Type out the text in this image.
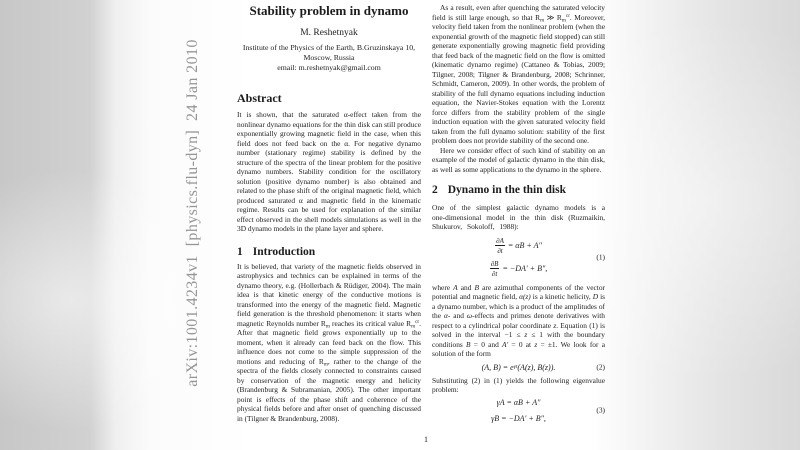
arXiv:1001.4234v1  [physics.flu-dyn]  24 Jan 2010
Stability problem in dynamo
M. Reshetnyak
Institute of the Physics of the Earth, B.Gruzinskaya 10,
Moscow, Russia
email: m.reshetnyak@gmail.com
Abstract
It is shown, that the saturated α-effect taken from the nonlinear dynamo equations for the thin disk can still produce exponentially growing magnetic field in the case, when this field does not feed back on the α. For negative dynamo number (stationary regime) stability is defined by the structure of the spectra of the linear problem for the positive dynamo numbers. Stability condition for the oscillatory solution (positive dynamo number) is also obtained and related to the phase shift of the original magnetic field, which produced saturated α and magnetic field in the kinematic regime. Results can be used for explanation of the similar effect observed in the shell models simulations as well in the 3D dynamo models in the plane layer and sphere.
1 Introduction
It is believed, that variety of the magnetic fields observed in astrophysics and technics can be explained in terms of the dynamo theory, e.g. (Hollerbach & Rüdiger, 2004). The main idea is that kinetic energy of the conductive motions is transformed into the energy of the magnetic field. Magnetic field generation is the threshold phenomenon: it starts when magnetic Reynolds number $R_m$ reaches its critical value $R_m^{cr}$. After that magnetic field grows exponentially up to the moment, when it already can feed back on the flow. This influence does not come to the simple suppression of the motions and reducing of $R_m$, rather to the change of the spectra of the fields closely connected to constraints caused by conservation of the magnetic energy and helicity (Brandenburg & Subramanian, 2005). The other important point is effects of the phase shift and coherence of the physical fields before and after onset of quenching discussed in (Tilgner & Brandenburg, 2008).
As a result, even after quenching the saturated velocity field is still large enough, so that $R_m$ ≫ $R_m^{cr}$. Moreover, velocity field taken from the nonlinear problem (when the exponential growth of the magnetic field stopped) can still generate exponentially growing magnetic field providing that feed back of the magnetic field on the flow is omitted (kinematic dynamo regime) (Cattaneo & Tobias, 2009; Tilgner, 2008; Tilgner & Brandenburg, 2008; Schrinner, Schmidt, Cameron, 2009). In other words, the problem of stability of the full dynamo equations including induction equation, the Navier-Stokes equation with the Lorentz force differs from the stability problem of the single induction equation with the given saturated velocity field taken from the full dynamo solution: stability of the first problem does not provide stability of the second one.
Here we consider effect of such kind of stability on an example of the model of galactic dynamo in the thin disk, as well as some applications to the dynamo in the sphere.
2 Dynamo in the thin disk
One of the simplest galactic dynamo models is a one-dimensional model in the thin disk (Ruzmaikin, Shukurov, Sokoloff, 1988):
$\frac{\partial A}{\partial t} = \alpha B + A''$
$\frac{\partial B}{\partial t} = -DA' + B''$,
(1)
where A and B are azimuthal components of the vector potential and magnetic field, α(z) is a kinetic helicity, D is a dynamo number, which is a product of the amplitudes of the α- and ω-effects and primes denote derivatives with respect to a cylindrical polar coordinate z. Equation (1) is solved in the interval −1 ≤ z ≤ 1 with the boundary conditions B = 0 and A′ = 0 at z = ±1. We look for a solution of the form
(A, B) = e γt (A(z), B(z)).	(2)
Substituting (2) in (1) yields the following eigenvalue problem:
γA = αB + A″
γB = −DA′ + B″,
(3)
1
